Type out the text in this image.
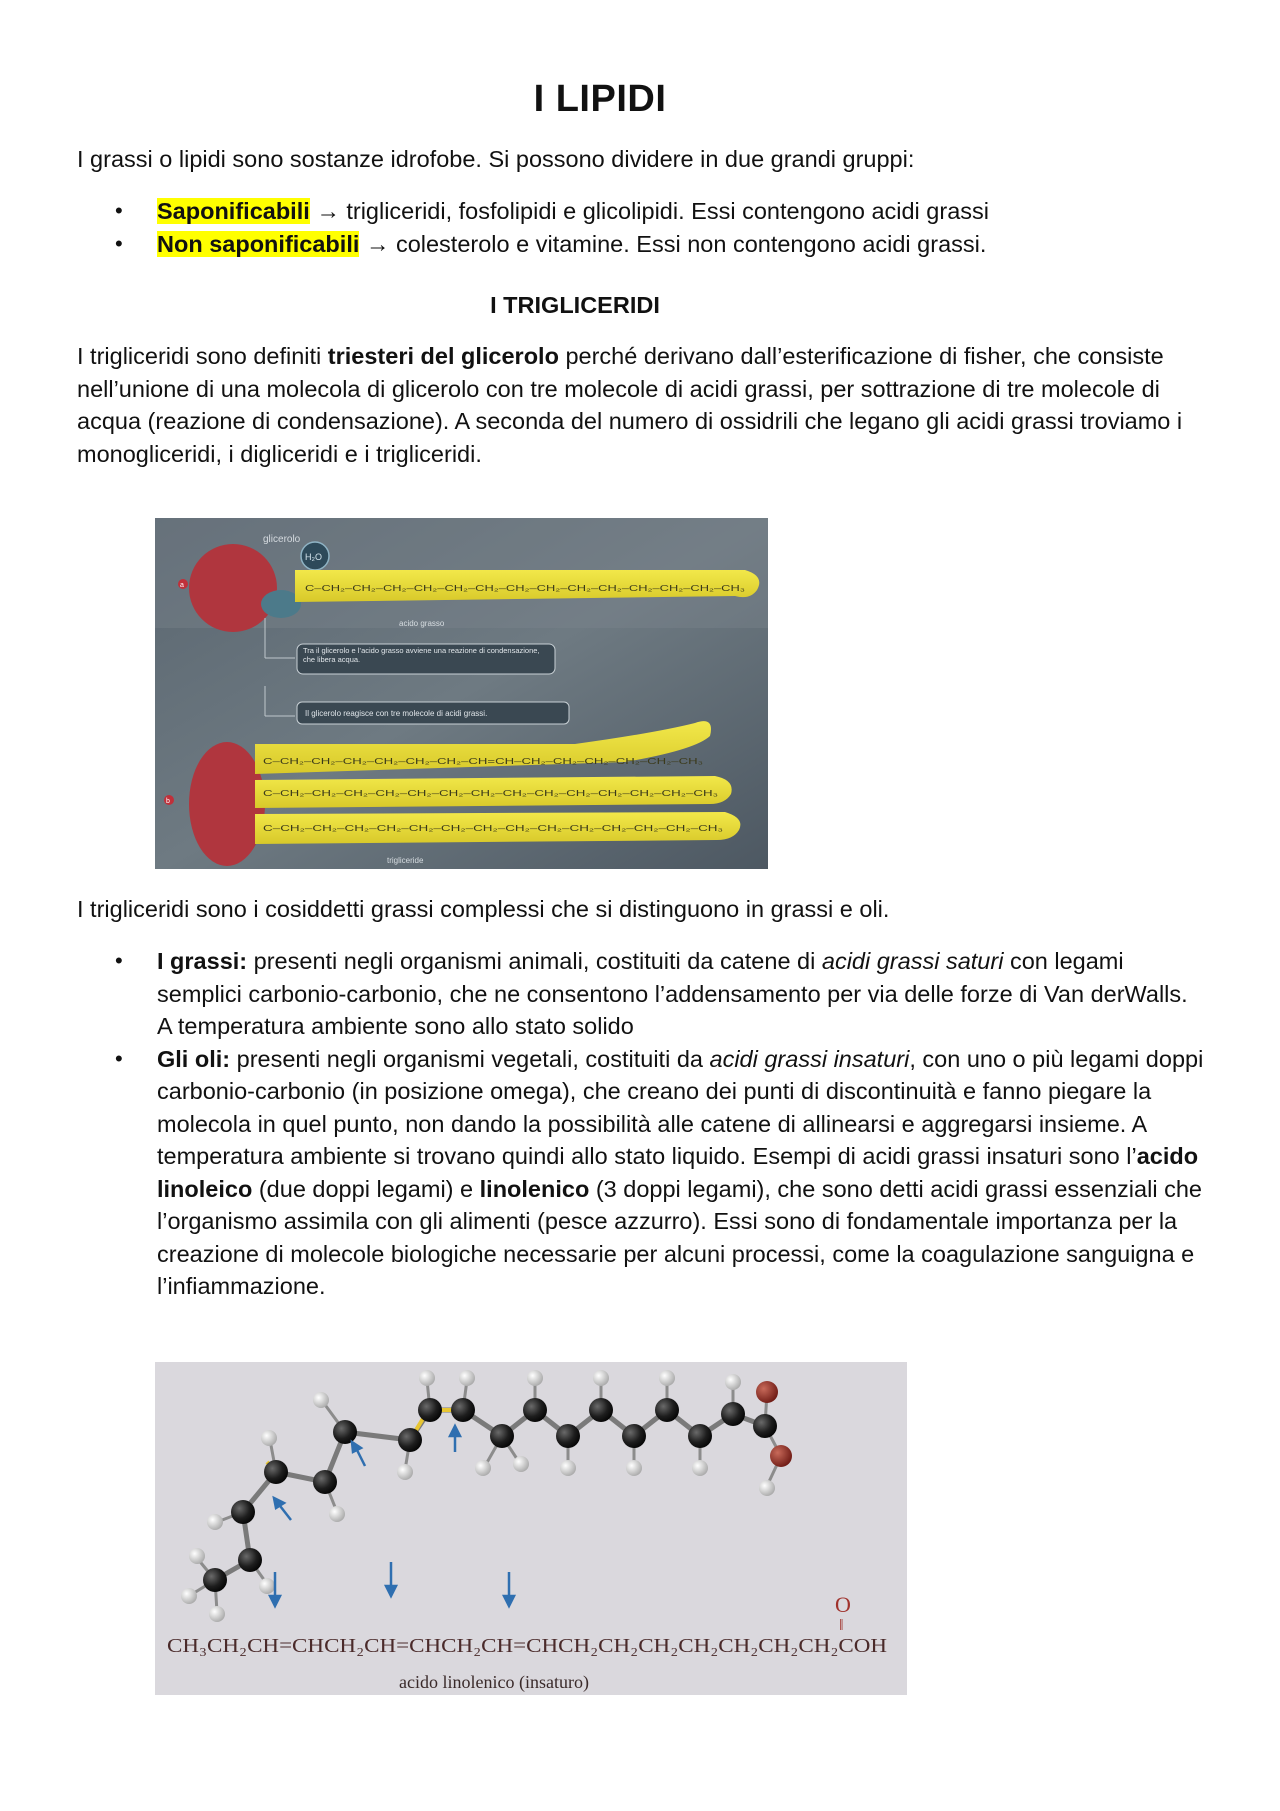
I LIPIDI
I grassi o lipidi sono sostanze idrofobe. Si possono dividere in due grandi gruppi:
• Saponificabili → trigliceridi, fosfolipidi e glicolipidi. Essi contengono acidi grassi
• Non saponificabili → colesterolo e vitamine. Essi non contengono acidi grassi.
I TRIGLICERIDI
I trigliceridi sono definiti triesteri del glicerolo perché derivano dall’esterificazione di fisher, che consiste nell’unione di una molecola di glicerolo con tre molecole di acidi grassi, per sottrazione di tre molecole di acqua (reazione di condensazione). A seconda del numero di ossidrili che legano gli acidi grassi troviamo i monogliceridi, i digliceridi e i trigliceridi.
glicerolo
H₂O
a	C–CH₂–CH₂–CH₂–CH₂–CH₂–CH₂–CH₂–CH₂–CH₂–CH₂–CH₂–CH₂–CH₂–CH₃
acido grasso
Tra il glicerolo e l’acido grasso avviene una reazione di condensazione, che libera acqua.
Il glicerolo reagisce con tre molecole di acidi grassi.
b
C–CH₂–CH₂–CH₂–CH₂–CH₂–CH₂–CH=CH–CH₂–CH₂–CH₂–CH₂–CH₂–CH₃
C–CH₂–CH₂–CH₂–CH₂–CH₂–CH₂–CH₂–CH₂–CH₂–CH₂–CH₂–CH₂–CH₂–CH₃
C–CH₂–CH₂–CH₂–CH₂–CH₂–CH₂–CH₂–CH₂–CH₂–CH₂–CH₂–CH₂–CH₂–CH₃
trigliceride
I trigliceridi sono i cosiddetti grassi complessi che si distinguono in grassi e oli.
• I grassi: presenti negli organismi animali, costituiti da catene di acidi grassi saturi con legami semplici carbonio-carbonio, che ne consentono l’addensamento per via delle forze di Van derWalls. A temperatura ambiente sono allo stato solido
• Gli oli: presenti negli organismi vegetali, costituiti da acidi grassi insaturi, con uno o più legami doppi carbonio-carbonio (in posizione omega), che creano dei punti di discontinuità e fanno piegare la molecola in quel punto, non dando la possibilità alle catene di allinearsi e aggregarsi insieme. A temperatura ambiente si trovano quindi allo stato liquido. Esempi di acidi grassi insaturi sono l’acido linoleico (due doppi legami) e linolenico (3 doppi legami), che sono detti acidi grassi essenziali che l’organismo assimila con gli alimenti (pesce azzurro). Essi sono di fondamentale importanza per la creazione di molecole biologiche necessarie per alcuni processi, come la coagulazione sanguigna e l’infiammazione.
O
‖
CH₃CH₂CH=CHCH₂CH=CHCH₂CH=CHCH₂CH₂CH₂CH₂CH₂CH₂CH₂COH
acido linolenico (insaturo)
